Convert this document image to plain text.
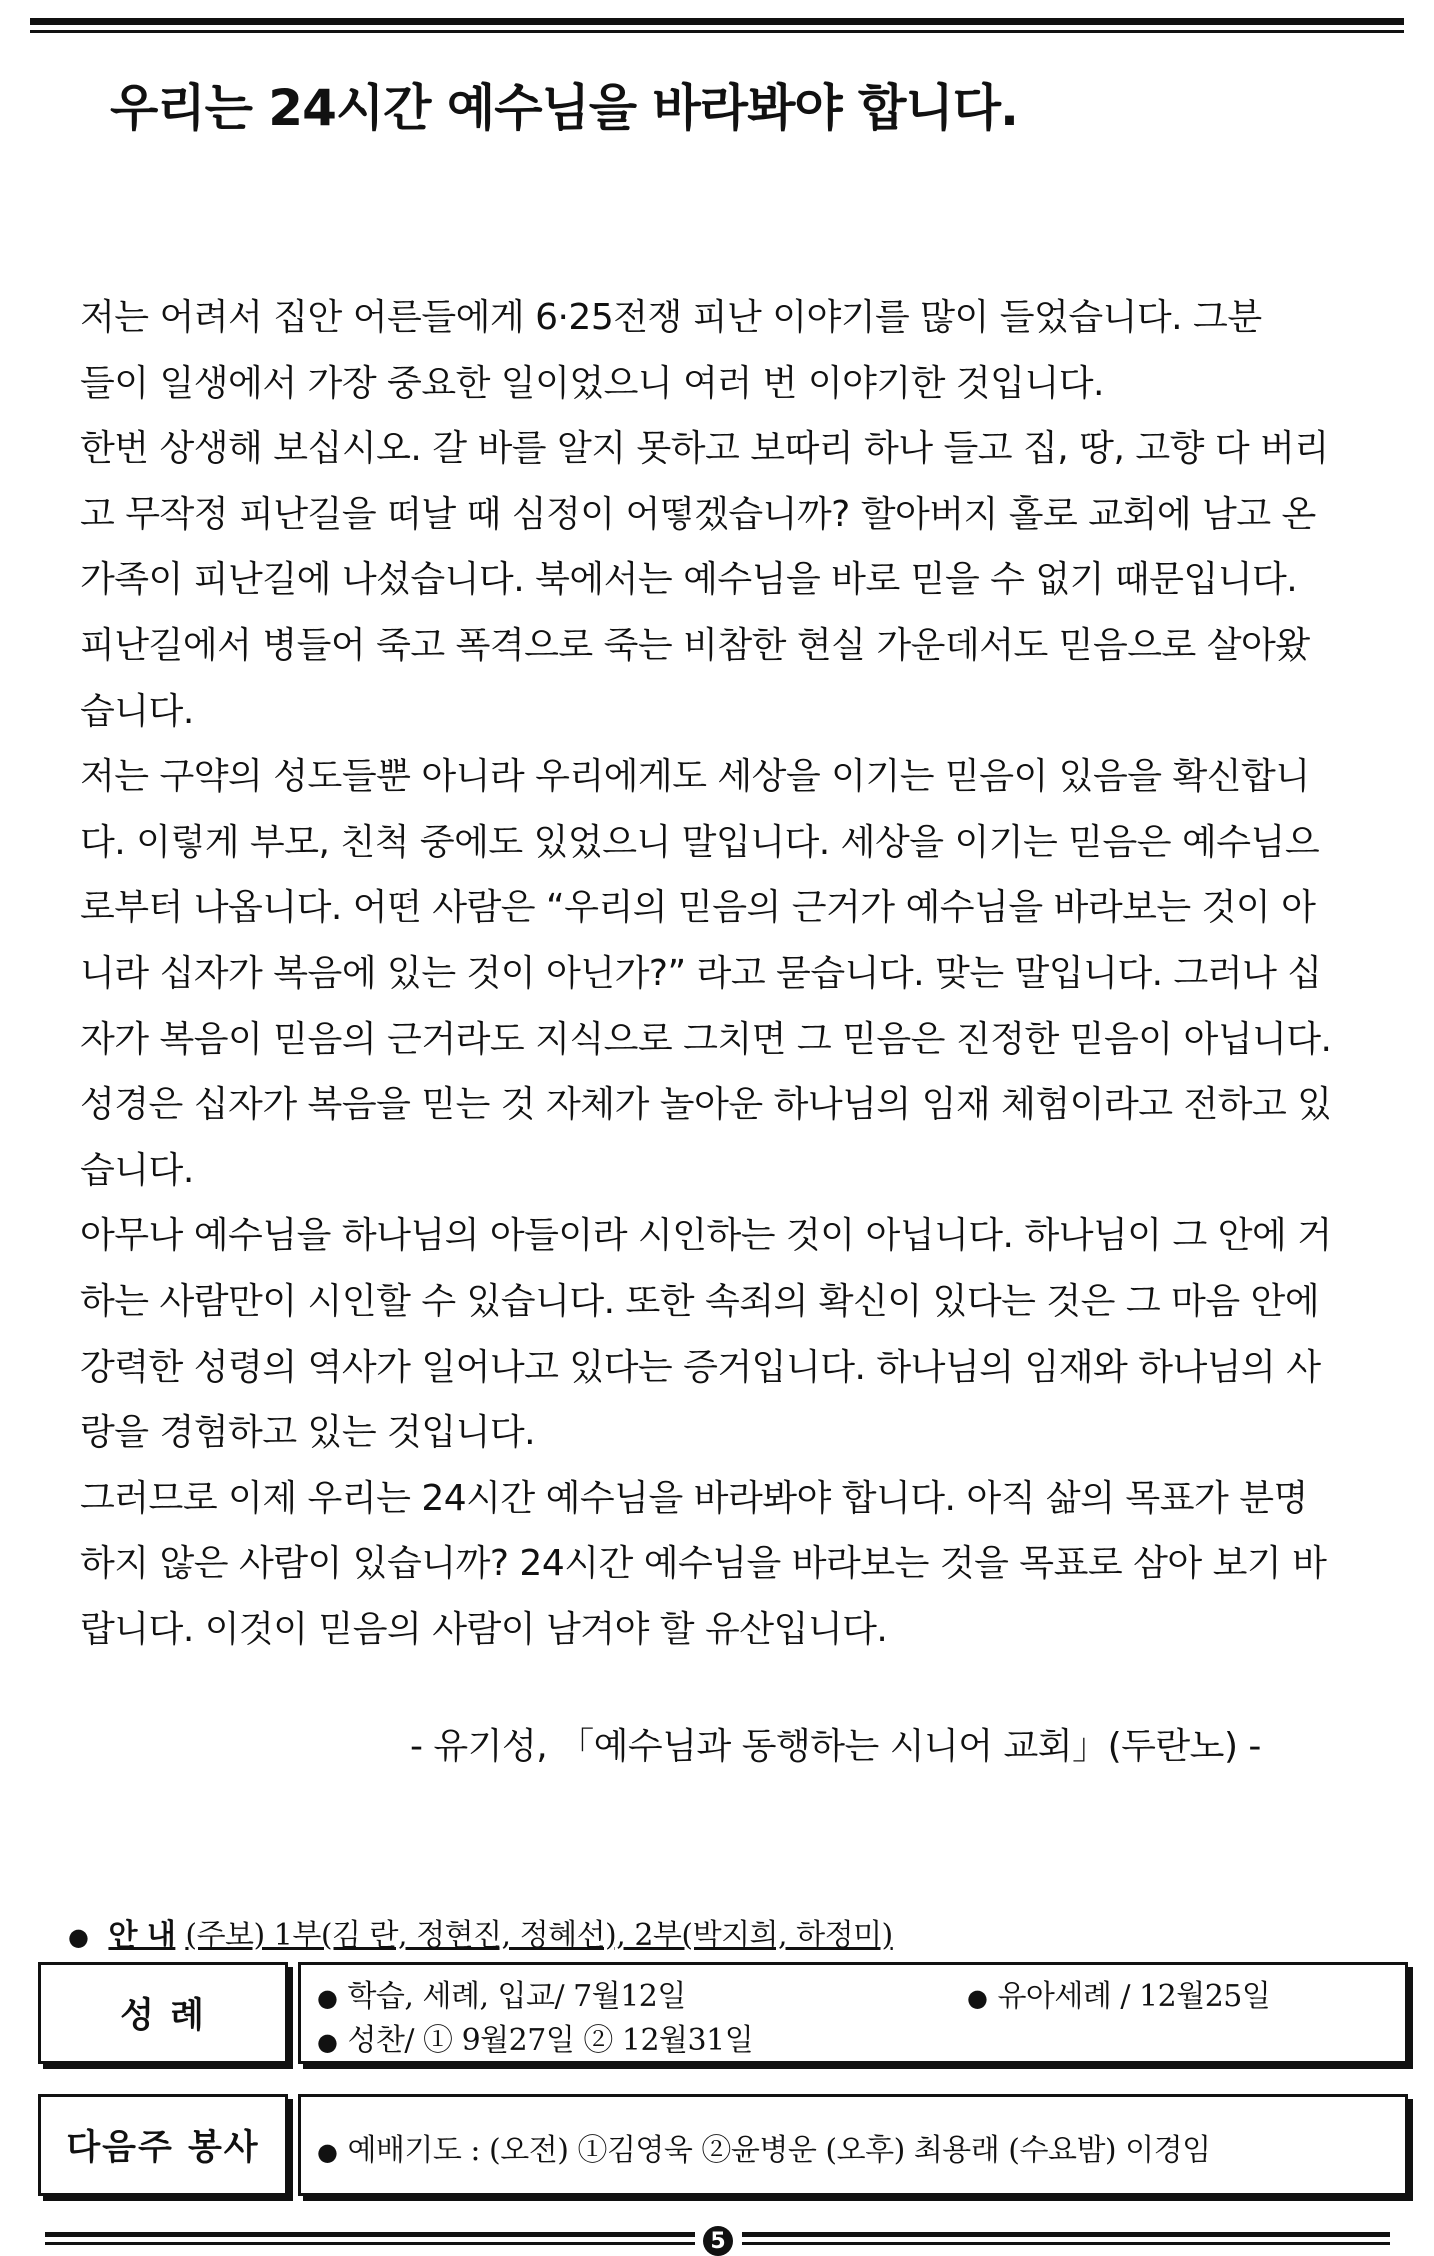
우리는 24시간 예수님을 바라봐야 합니다.
저는 어려서 집안 어른들에게 6·25전쟁 피난 이야기를 많이 들었습니다. 그분
들이 일생에서 가장 중요한 일이었으니 여러 번 이야기한 것입니다.
한번 상생해 보십시오. 갈 바를 알지 못하고 보따리 하나 들고 집, 땅, 고향 다 버리
고 무작정 피난길을 떠날 때 심정이 어떻겠습니까? 할아버지 홀로 교회에 남고 온
가족이 피난길에 나섰습니다. 북에서는 예수님을 바로 믿을 수 없기 때문입니다.
피난길에서 병들어 죽고 폭격으로 죽는 비참한 현실 가운데서도 믿음으로 살아왔
습니다.
저는 구약의 성도들뿐 아니라 우리에게도 세상을 이기는 믿음이 있음을 확신합니
다. 이렇게 부모, 친척 중에도 있었으니 말입니다. 세상을 이기는 믿음은 예수님으
로부터 나옵니다. 어떤 사람은 “우리의 믿음의 근거가 예수님을 바라보는 것이 아
니라 십자가 복음에 있는 것이 아닌가?” 라고 묻습니다. 맞는 말입니다. 그러나 십
자가 복음이 믿음의 근거라도 지식으로 그치면 그 믿음은 진정한 믿음이 아닙니다.
성경은 십자가 복음을 믿는 것 자체가 놀아운 하나님의 임재 체험이라고 전하고 있
습니다.
아무나 예수님을 하나님의 아들이라 시인하는 것이 아닙니다. 하나님이 그 안에 거
하는 사람만이 시인할 수 있습니다. 또한 속죄의 확신이 있다는 것은 그 마음 안에
강력한 성령의 역사가 일어나고 있다는 증거입니다. 하나님의 임재와 하나님의 사
랑을 경험하고 있는 것입니다.
그러므로 이제 우리는 24시간 예수님을 바라봐야 합니다. 아직 삶의 목표가 분명
하지 않은 사람이 있습니까? 24시간 예수님을 바라보는 것을 목표로 삼아 보기 바
랍니다. 이것이 믿음의 사람이 남겨야 할 유산입니다.
- 유기성, 「예수님과 동행하는 시니어 교회」(두란노) -
● 안 내 (주보) 1부(김 란, 정현진, 정혜선), 2부(박지희, 하정미)
성 례	● 학습, 세례, 입교/ 7월12일	● 유아세례 / 12월25일
● 성찬/ ① 9월27일 ② 12월31일
다음주 봉사 ● 예배기도 : (오전) ①김영욱 ②윤병운 (오후) 최용래 (수요밤) 이경임
5
